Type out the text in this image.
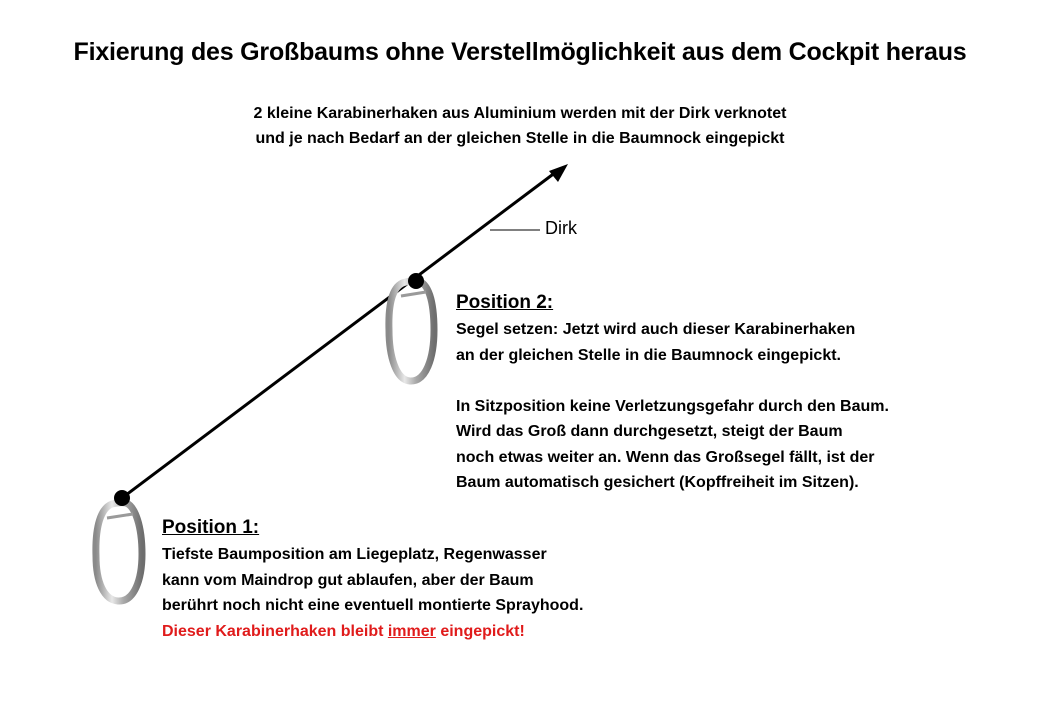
Fixierung des Großbaums ohne Verstellmöglichkeit aus dem Cockpit heraus
2 kleine Karabinerhaken aus Aluminium werden mit der Dirk verknotet
und je nach Bedarf an der gleichen Stelle in die Baumnock eingepickt
Dirk
Position 2:
Segel setzen: Jetzt wird auch dieser Karabinerhaken
an der gleichen Stelle in die Baumnock eingepickt.
In Sitzposition keine Verletzungsgefahr durch den Baum.
Wird das Groß dann durchgesetzt, steigt der Baum
noch etwas weiter an. Wenn das Großsegel fällt, ist der
Baum automatisch gesichert (Kopffreiheit im Sitzen).
Position 1:
Tiefste Baumposition am Liegeplatz, Regenwasser
kann vom Maindrop gut ablaufen, aber der Baum
berührt noch nicht eine eventuell montierte Sprayhood.
Dieser Karabinerhaken bleibt immer eingepickt!
